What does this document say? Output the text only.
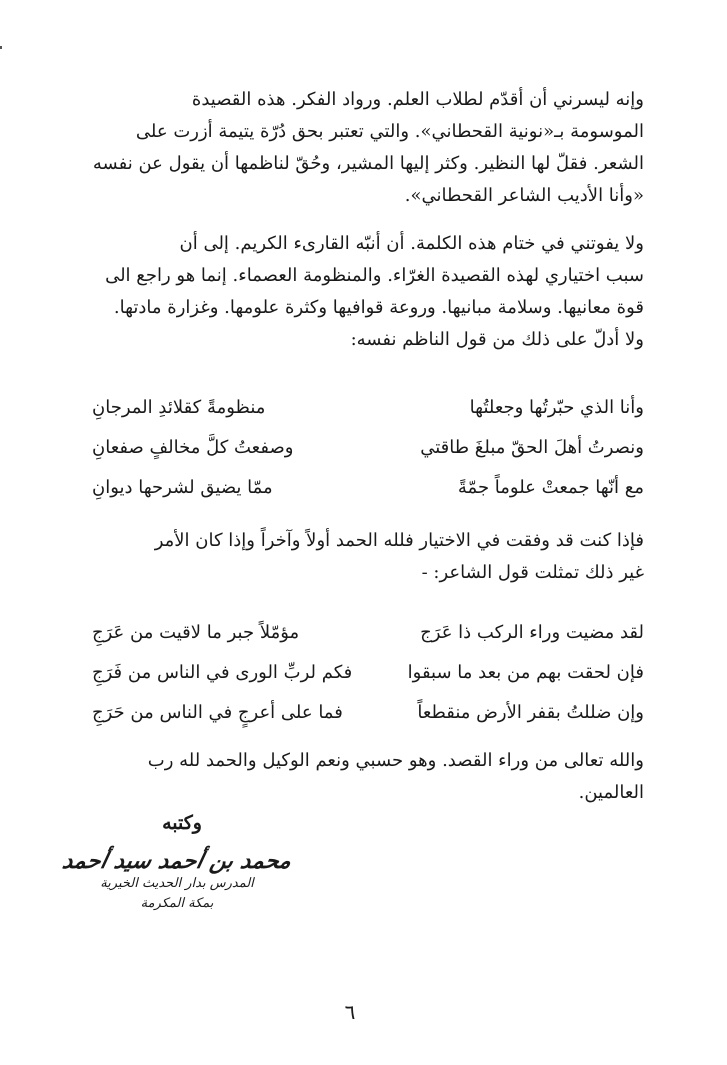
وإنه ليسرني أن أقدّم لطلاب العلم. ورواد الفكر. هذه القصيدة
الموسومة بـ«نونية القحطاني». والتي تعتبر بحق دُرّة يتيمة أزرت على
الشعر. فقلّ لها النظير. وكثر إليها المشير، وحُقّ لناظمها أن يقول عن نفسه
«وأنا الأديب الشاعر القحطاني».
ولا يفوتني في ختام هذه الكلمة. أن أنبّه القارىء الكريم. إلى أن
سبب اختياري لهذه القصيدة الغرّاء. والمنظومة العصماء. إنما هو راجع الى
قوة معانيها. وسلامة مبانيها. وروعة قوافيها وكثرة علومها. وغزارة مادتها.
ولا أدلّ على ذلك من قول الناظم نفسه:
وأنا الذي حبّرتُها وجعلتُها
منظومةً كقلائدِ المرجانِ
ونصرتُ أهلَ الحقّ مبلغَ طاقتي
وصفعتُ كلَّ مخالفٍ صفعانِ
مع أنّها جمعتْ علوماً جمّةً
ممّا يضيق لشرحها ديوانِ
فإذا كنت قد وفقت في الاختيار فلله الحمد أولاً وآخراً وإذا كان الأمر
غير ذلك تمثلت قول الشاعر: -
لقد مضيت وراء الركب ذا عَرَج
مؤمّلاً جبر ما لاقيت من عَرَجِ
فإن لحقت بهم من بعد ما سبقوا
فكم لربِّ الورى في الناس من فَرَجِ
وإن ضللتُ بقفر الأرض منقطعاً
فما على أعرجٍ في الناس من حَرَجِ
والله تعالى من وراء القصد. وهو حسبي ونعم الوكيل والحمد لله رب
العالمين.
وكتبه
محمد بن أحمد سيد أحمد
المدرس بدار الحديث الخيرية
بمكة المكرمة
٦
